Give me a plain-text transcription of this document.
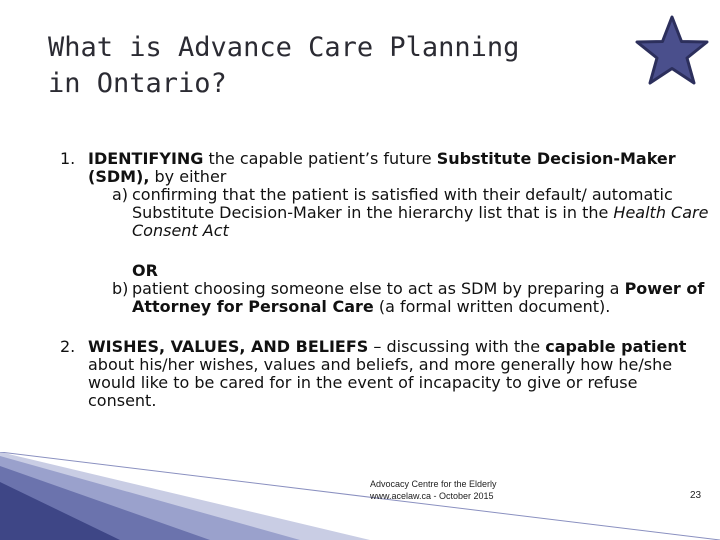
What is Advance Care Planning
in Ontario?
1. IDENTIFYING the capable patient’s future Substitute Decision-Maker (SDM), by either
a) confirming that the patient is satisfied with their default/ automatic Substitute Decision-Maker in the hierarchy list that is in the Health Care Consent Act
OR
b) patient choosing someone else to act as SDM by preparing a Power of Attorney for Personal Care (a formal written document).
2. WISHES, VALUES, AND BELIEFS – discussing with the capable patient about his/her wishes, values and beliefs, and more generally how he/she would like to be cared for in the event of incapacity to give or refuse consent.
Advocacy Centre for the Elderly
www.acelaw.ca - October 2015	23
